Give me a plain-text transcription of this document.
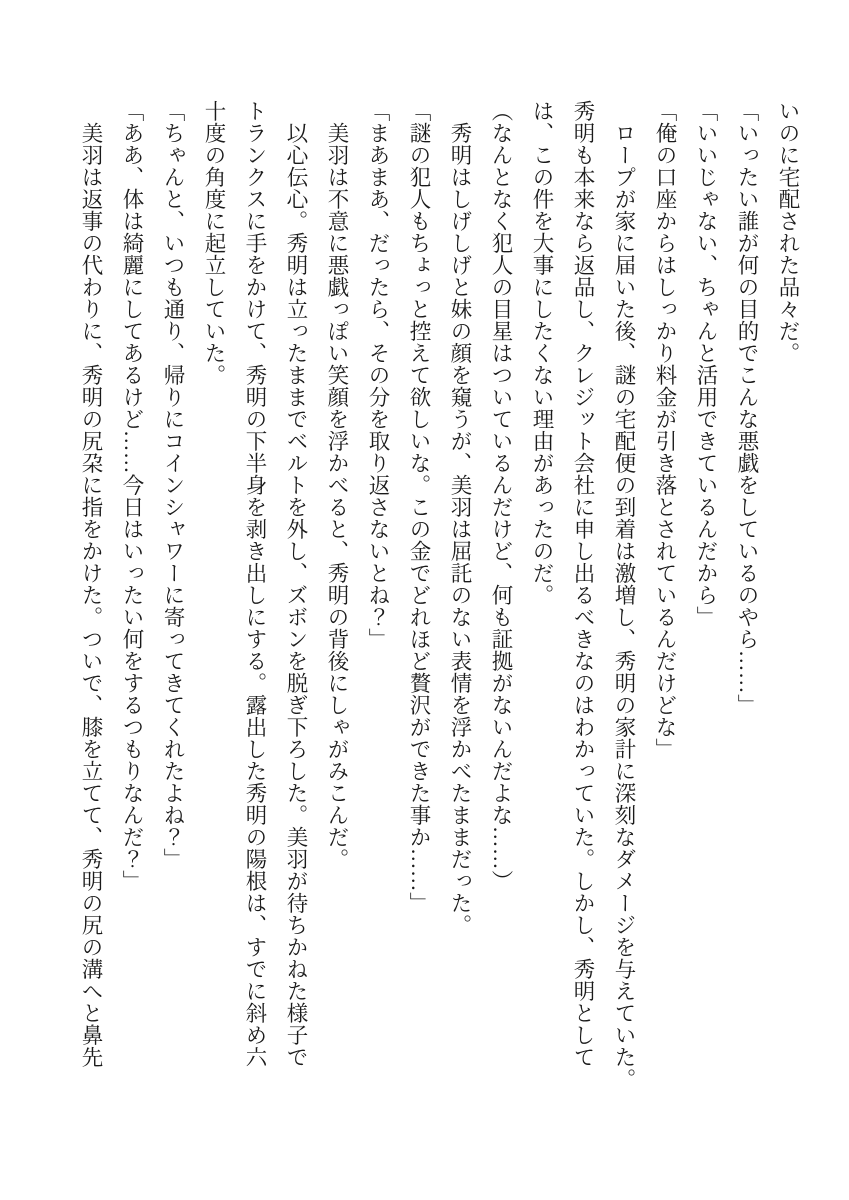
いのに宅配された品々だ。
「いったい誰が何の目的でこんな悪戯をしているのやら……」
「いいじゃない、ちゃんと活用できているんだから」
「俺の口座からはしっかり料金が引き落とされているんだけどな」
　ロープが家に届いた後、謎の宅配便の到着は激増し、秀明の家計に深刻なダメージを与えていた。
秀明も本来なら返品し、クレジット会社に申し出るべきなのはわかっていた。しかし、秀明として
は、この件を大事にしたくない理由があったのだ。
（なんとなく犯人の目星はついているんだけど、何も証拠がないんだよな……）
　秀明はしげしげと妹の顔を窺うが、美羽は屈託のない表情を浮かべたままだった。
「謎の犯人もちょっと控えて欲しいな。この金でどれほど贅沢ができた事か……」
「まあまあ、だったら、その分を取り返さないとね？」
　美羽は不意に悪戯っぽい笑顔を浮かべると、秀明の背後にしゃがみこんだ。
　以心伝心。秀明は立ったままでベルトを外し、ズボンを脱ぎ下ろした。美羽が待ちかねた様子で
トランクスに手をかけて、秀明の下半身を剥き出しにする。露出した秀明の陽根は、すでに斜め六
十度の角度に起立していた。
「ちゃんと、いつも通り、帰りにコインシャワーに寄ってきてくれたよね？」
「ああ、体は綺麗にしてあるけど……今日はいったい何をするつもりなんだ？」
　美羽は返事の代わりに、秀明の尻朶に指をかけた。ついで、膝を立てて、秀明の尻の溝へと鼻先
